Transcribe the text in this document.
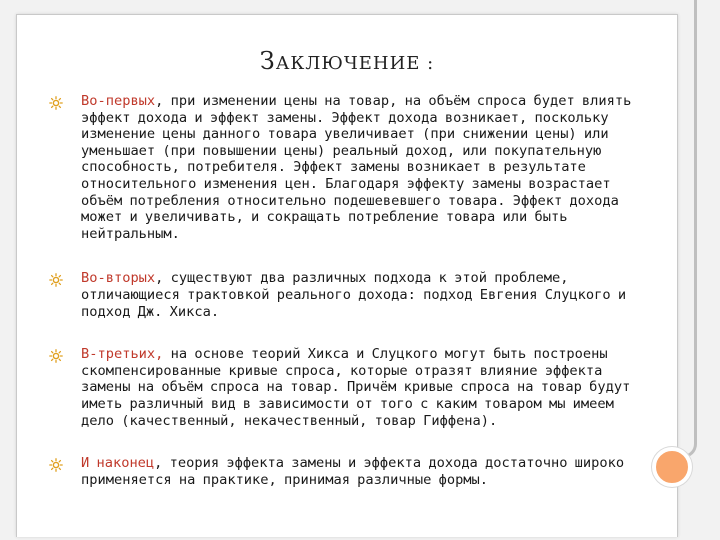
ЗАКЛЮЧЕНИЕ :
Во-первых, при изменении цены на товар, на объём спроса будет влиять эффект дохода и эффект замены. Эффект дохода возникает, поскольку изменение цены данного товара увеличивает (при снижении цены) или уменьшает (при повышении цены) реальный доход, или покупательную способность, потребителя. Эффект замены возникает в результате относительного изменения цен. Благодаря эффекту замены возрастает объём потребления относительно подешевевшего товара. Эффект дохода может и увеличивать, и сокращать потребление товара или быть нейтральным.
Во-вторых, существуют два различных подхода к этой проблеме, отличающиеся трактовкой реального дохода: подход Евгения Слуцкого и подход Дж. Хикса.
В-третьих, на основе теорий Хикса и Слуцкого могут быть построены скомпенсированные кривые спроса, которые отразят влияние эффекта замены на объём спроса на товар. Причём кривые спроса на товар будут иметь различный вид в зависимости от того с каким товаром мы имеем дело (качественный, некачественный, товар Гиффена).
И наконец, теория эффекта замены и эффекта дохода достаточно широко применяется на практике, принимая различные формы.
